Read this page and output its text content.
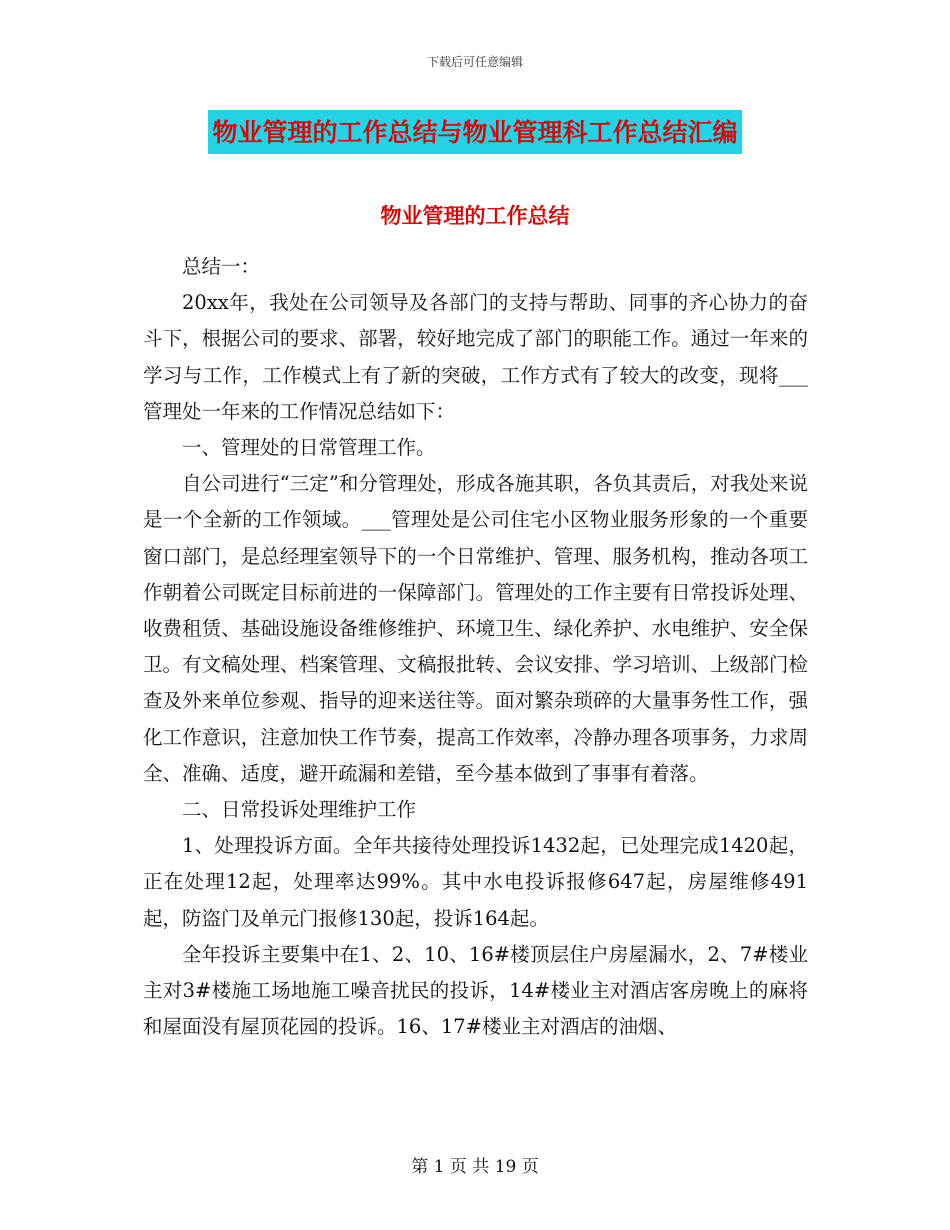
下载后可任意编辑
物业管理的工作总结与物业管理科工作总结汇编
物业管理的工作总结

总结一：

20xx年，我处在公司领导及各部门的支持与帮助、同事的齐心协力的奋斗下，根据公司的要求、部署，较好地完成了部门的职能工作。通过一年来的学习与工作，工作模式上有了新的突破，工作方式有了较大的改变，现将___管理处一年来的工作情况总结如下：

一、管理处的日常管理工作。

自公司进行“三定”和分管理处，形成各施其职，各负其责后，对我处来说是一个全新的工作领域。___管理处是公司住宅小区物业服务形象的一个重要窗口部门，是总经理室领导下的一个日常维护、管理、服务机构，推动各项工作朝着公司既定目标前进的一保障部门。管理处的工作主要有日常投诉处理、收费租赁、基础设施设备维修维护、环境卫生、绿化养护、水电维护、安全保卫。有文稿处理、档案管理、文稿报批转、会议安排、学习培训、上级部门检查及外来单位参观、指导的迎来送往等。面对繁杂琐碎的大量事务性工作，强化工作意识，注意加快工作节奏，提高工作效率，冷静办理各项事务，力求周全、准确、适度，避开疏漏和差错，至今基本做到了事事有着落。

二、日常投诉处理维护工作

1、处理投诉方面。全年共接待处理投诉1432起，已处理完成1420起，正在处理12起，处理率达99%。其中水电投诉报修647起，房屋维修491起，防盗门及单元门报修130起，投诉164起。

全年投诉主要集中在1、2、10、16#楼顶层住户房屋漏水，2、7#楼业主对3#楼施工场地施工噪音扰民的投诉，14#楼业主对酒店客房晚上的麻将和屋面没有屋顶花园的投诉。16、17#楼业主对酒店的油烟、

第 1 页 共 19 页
